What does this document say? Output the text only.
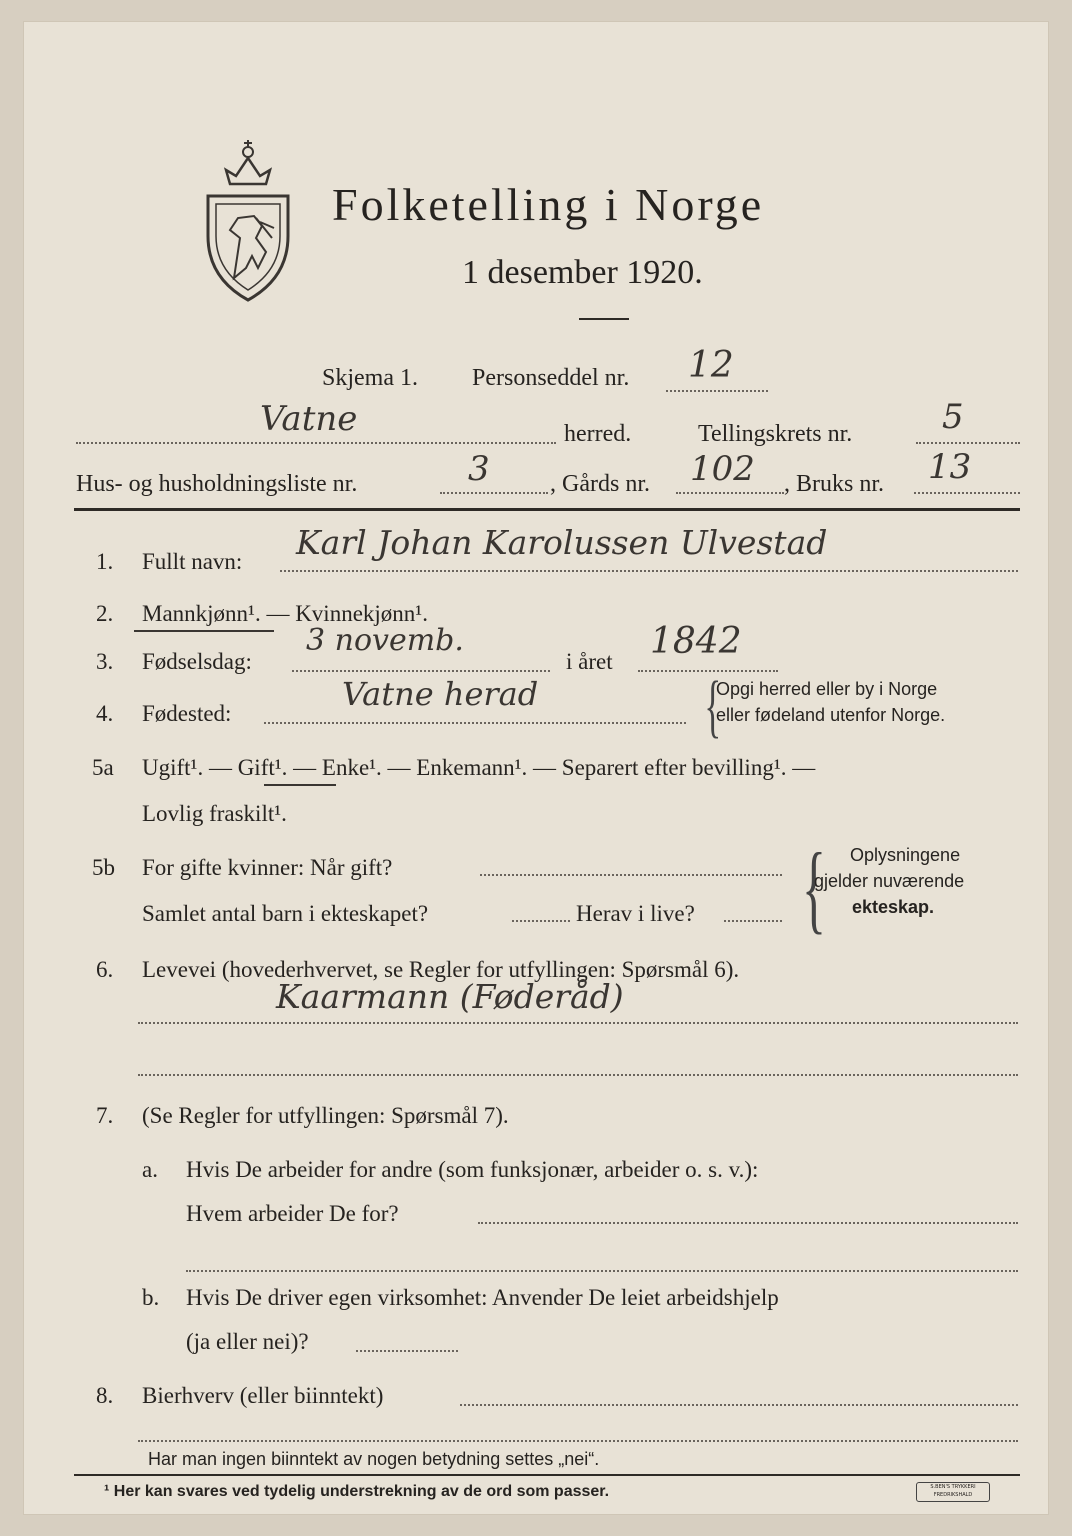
Folketelling i Norge
1 desember 1920.
Skjema 1. Personseddel nr. 12
Vatne	herred.	Tellingskrets nr.	5
Hus- og husholdningsliste nr.	3	, Gårds nr. 102 , Bruks nr. 13
1. Fullt navn: Karl Johan Karolussen Ulvestad
2. Mannkjønn¹. — Kvinnekjønn¹.
3. Fødselsdag:
3 novemb.
i året 1842
4. Fødested:
Vatne herad {
Opgi herred eller by i Norge
eller fødeland utenfor Norge.
5a Ugift¹. — Gift¹. — Enke¹. — Enkemann¹. — Separert efter bevilling¹. —
Lovlig fraskilt¹.
5b For gifte kvinner: Når gift?
Samlet antal barn i ekteskapet?	Herav i live? { Oplysningene
gjelder nuværende
ekteskap.
6. Levevei (hovederhvervet, se Regler for utfyllingen: Spørsmål 6).
Kaarmann (Føderåd)
7. (Se Regler for utfyllingen: Spørsmål 7).
a. Hvis De arbeider for andre (som funksjonær, arbeider o. s. v.):
Hvem arbeider De for?
b. Hvis De driver egen virksomhet: Anvender De leiet arbeidshjelp
(ja eller nei)?
8. Bierhverv (eller biinntekt)
Har man ingen biinntekt av nogen betydning settes „nei“.
¹ Her kan svares ved tydelig understrekning av de ord som passer.	S.BEN'S TRYKKERI FREDRIKSHALD
